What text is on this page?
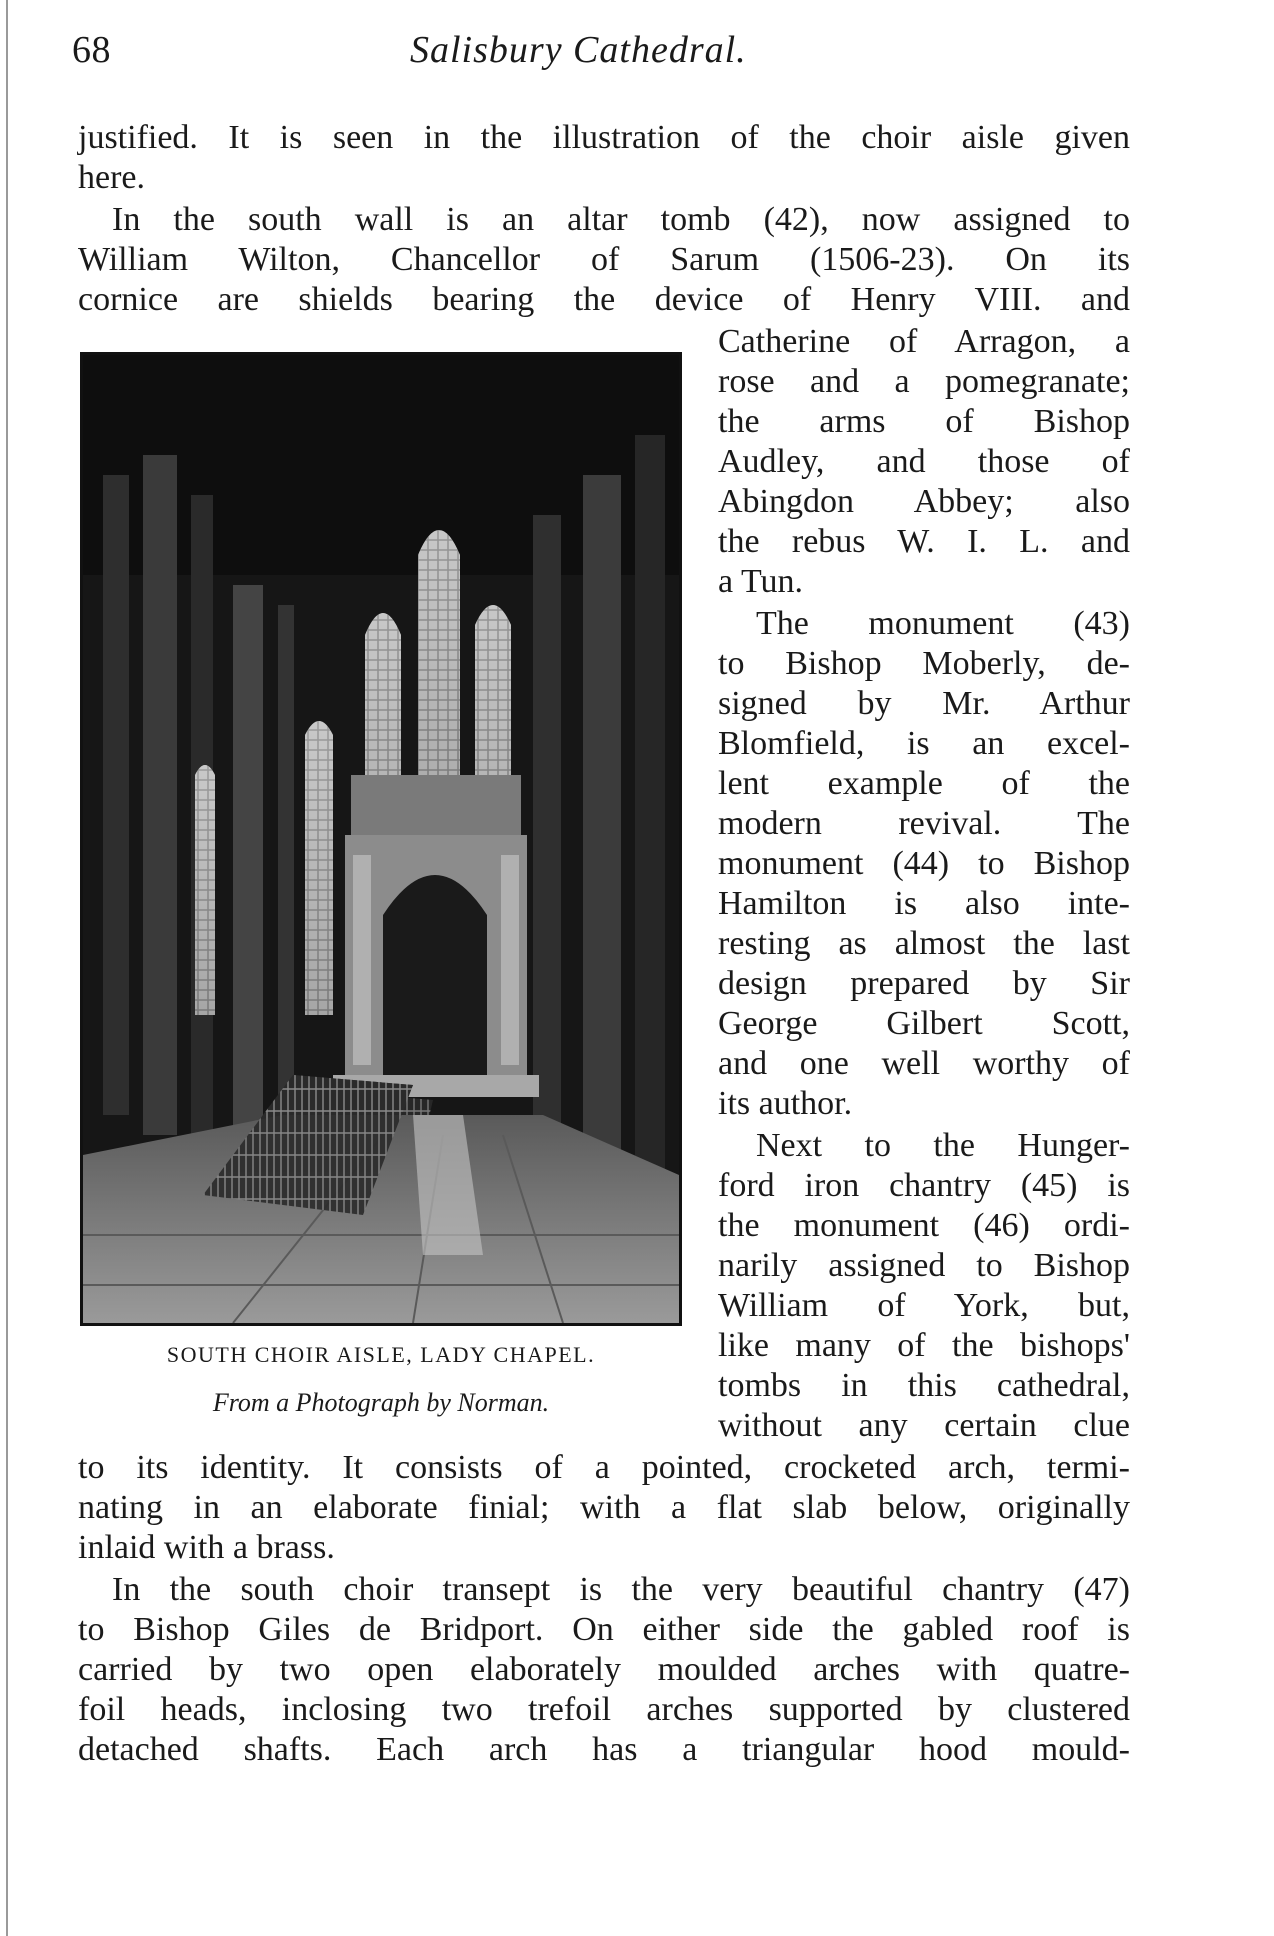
68	Salisbury Cathedral.
justified. It is seen in the illustration of the choir aisle given
here.
In the south wall is an altar tomb (42), now assigned to
William Wilton, Chancellor of Sarum (1506-23). On its
cornice are shields bearing the device of Henry VIII. and
Catherine of Arragon, a
rose and a pomegranate;
the arms of Bishop
Audley, and those of
Abingdon Abbey; also
the rebus W. I. L. and
a Tun.
The monument (43)
to Bishop Moberly, de-
signed by Mr. Arthur
Blomfield, is an excel-
lent example of the
modern revival. The
monument (44) to Bishop
Hamilton is also inte-
resting as almost the last
design prepared by Sir
George Gilbert Scott,
and one well worthy of
its author.
Next to the Hunger-
ford iron chantry (45) is
the monument (46) ordi-
narily assigned to Bishop
William of York, but,
like many of the bishops'
tombs in this cathedral,
without any certain clue
to its identity. It consists of a pointed, crocketed arch, termi-
nating in an elaborate finial; with a flat slab below, originally
inlaid with a brass.
In the south choir transept is the very beautiful chantry (47)
to Bishop Giles de Bridport. On either side the gabled roof is
carried by two open elaborately moulded arches with quatre-
foil heads, inclosing two trefoil arches supported by clustered
detached shafts. Each arch has a triangular hood mould-
SOUTH CHOIR AISLE, LADY CHAPEL.
From a Photograph by Norman.
